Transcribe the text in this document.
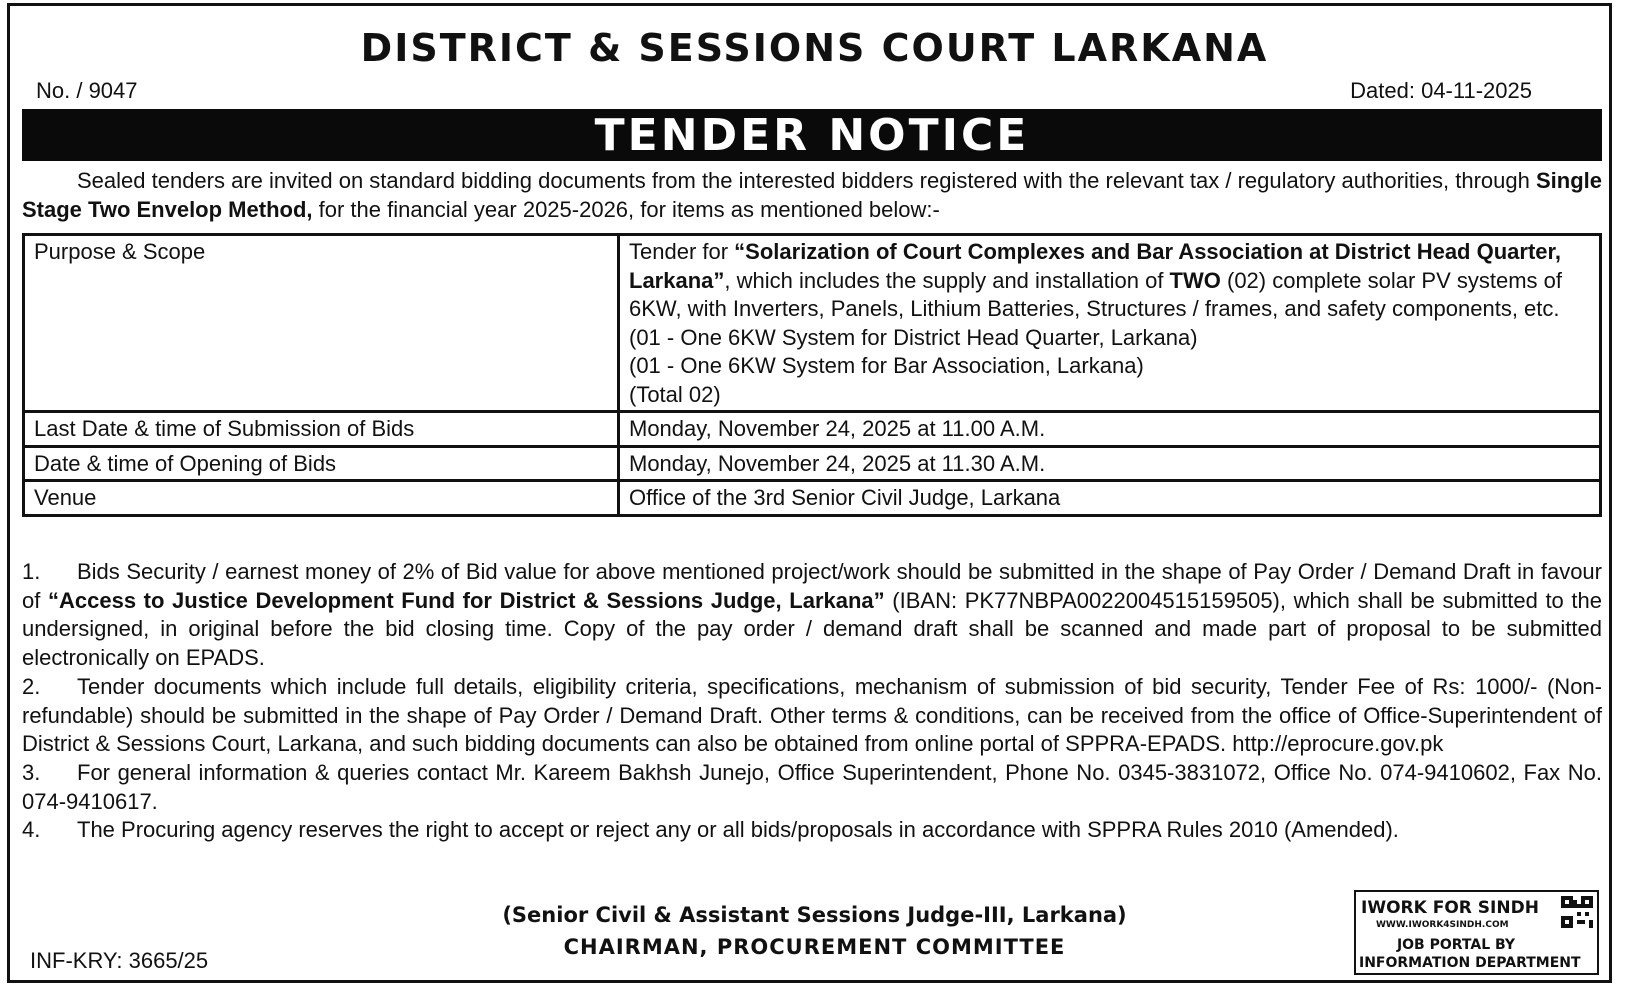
DISTRICT & SESSIONS COURT LARKANA
No. / 9047	Dated: 04-11-2025
TENDER NOTICE

Sealed tenders are invited on standard bidding documents from the interested bidders registered with the relevant tax / regulatory authorities, through Single Stage Two Envelop Method, for the financial year 2025-2026, for items as mentioned below:-

Purpose & Scope	Tender for “Solarization of Court Complexes and Bar Association at District Head Quarter, Larkana”, which includes the supply and installation of TWO (02) complete solar PV systems of 6KW, with Inverters, Panels, Lithium Batteries, Structures / frames, and safety components, etc.
(01 - One 6KW System for District Head Quarter, Larkana)
(01 - One 6KW System for Bar Association, Larkana)
(Total 02)

Last Date & time of Submission of Bids	Monday, November 24, 2025 at 11.00 A.M.
Date & time of Opening of Bids	Monday, November 24, 2025 at 11.30 A.M.
Venue	Office of the 3rd Senior Civil Judge, Larkana
1. Bids Security / earnest money of 2% of Bid value for above mentioned project/work should be submitted in the shape of Pay Order / Demand Draft in favour of “Access to Justice Development Fund for District & Sessions Judge, Larkana” (IBAN: PK77NBPA0022004515159505), which shall be submitted to the undersigned, in original before the bid closing time. Copy of the pay order / demand draft shall be scanned and made part of proposal to be submitted electronically on EPADS.
2. Tender documents which include full details, eligibility criteria, specifications, mechanism of submission of bid security, Tender Fee of Rs: 1000/- (Non-refundable) should be submitted in the shape of Pay Order / Demand Draft. Other terms & conditions, can be received from the office of Office-Superintendent of District & Sessions Court, Larkana, and such bidding documents can also be obtained from online portal of SPPRA-EPADS. http://eprocure.gov.pk
3. For general information & queries contact Mr. Kareem Bakhsh Junejo, Office Superintendent, Phone No. 0345-3831072, Office No. 074-9410602, Fax No. 074-9410617.
4. The Procuring agency reserves the right to accept or reject any or all bids/proposals in accordance with SPPRA Rules 2010 (Amended).
(Senior Civil & Assistant Sessions Judge-III, Larkana)
CHAIRMAN, PROCUREMENT COMMITTEE
INF-KRY: 3665/25
IWORK FOR SINDH
WWW.IWORK4SINDH.COM
JOB PORTAL BY
INFORMATION DEPARTMENT
